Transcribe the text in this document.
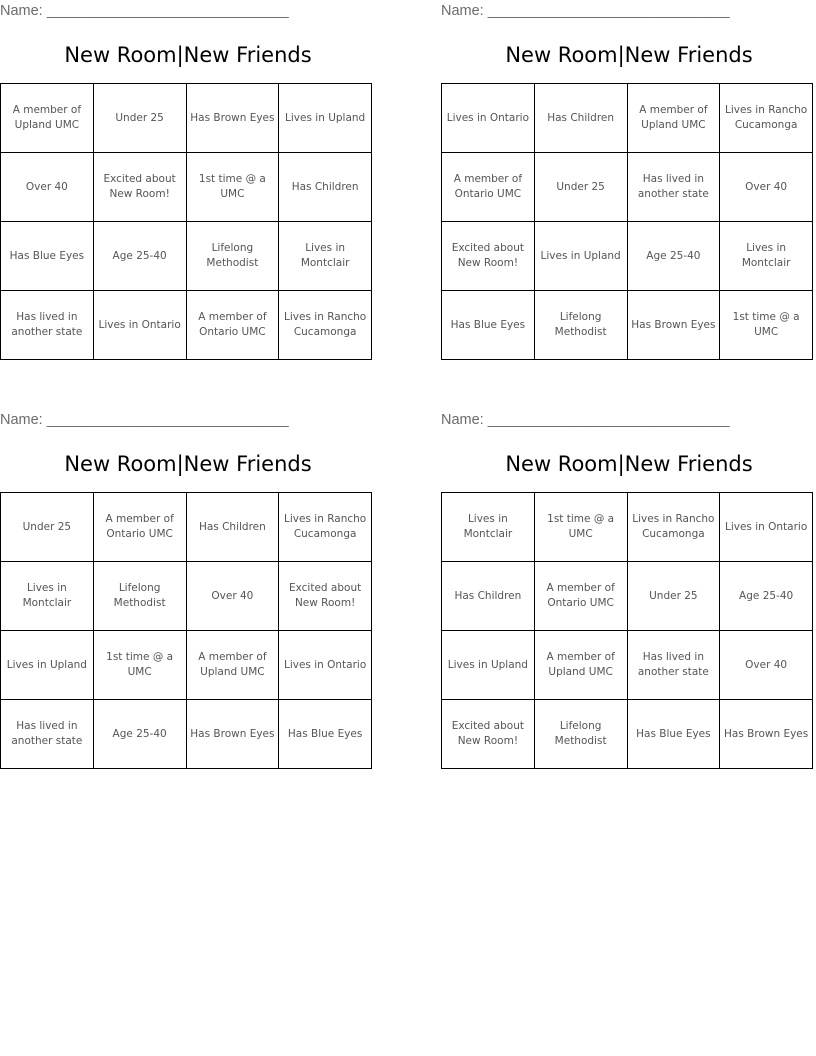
Name: ______________________________
New Room|New Friends
A member of Upland UMC	Under 25	Has Brown Eyes	Lives in Upland
Over 40	Excited about New Room!	1st time @ a UMC	Has Children
Has Blue Eyes	Age 25-40	Lifelong Methodist	Lives in Montclair
Has lived in another state	Lives in Ontario	A member of Ontario UMC	Lives in Rancho Cucamonga
Name: ______________________________
New Room|New Friends
Lives in Ontario	Has Children	A member of Upland UMC	Lives in Rancho Cucamonga
A member of Ontario UMC	Under 25	Has lived in another state	Over 40
Excited about New Room!	Lives in Upland	Age 25-40	Lives in Montclair
Has Blue Eyes	Lifelong Methodist	Has Brown Eyes	1st time @ a UMC
Name: ______________________________
New Room|New Friends
Under 25	A member of Ontario UMC	Has Children	Lives in Rancho Cucamonga
Lives in Montclair	Lifelong Methodist	Over 40	Excited about New Room!
Lives in Upland	1st time @ a UMC	A member of Upland UMC	Lives in Ontario
Has lived in another state	Age 25-40	Has Brown Eyes	Has Blue Eyes
Name: ______________________________
New Room|New Friends
Lives in Montclair	1st time @ a UMC	Lives in Rancho Cucamonga	Lives in Ontario
Has Children	A member of Ontario UMC	Under 25	Age 25-40
Lives in Upland	A member of Upland UMC	Has lived in another state	Over 40
Excited about New Room!	Lifelong Methodist	Has Blue Eyes	Has Brown Eyes
